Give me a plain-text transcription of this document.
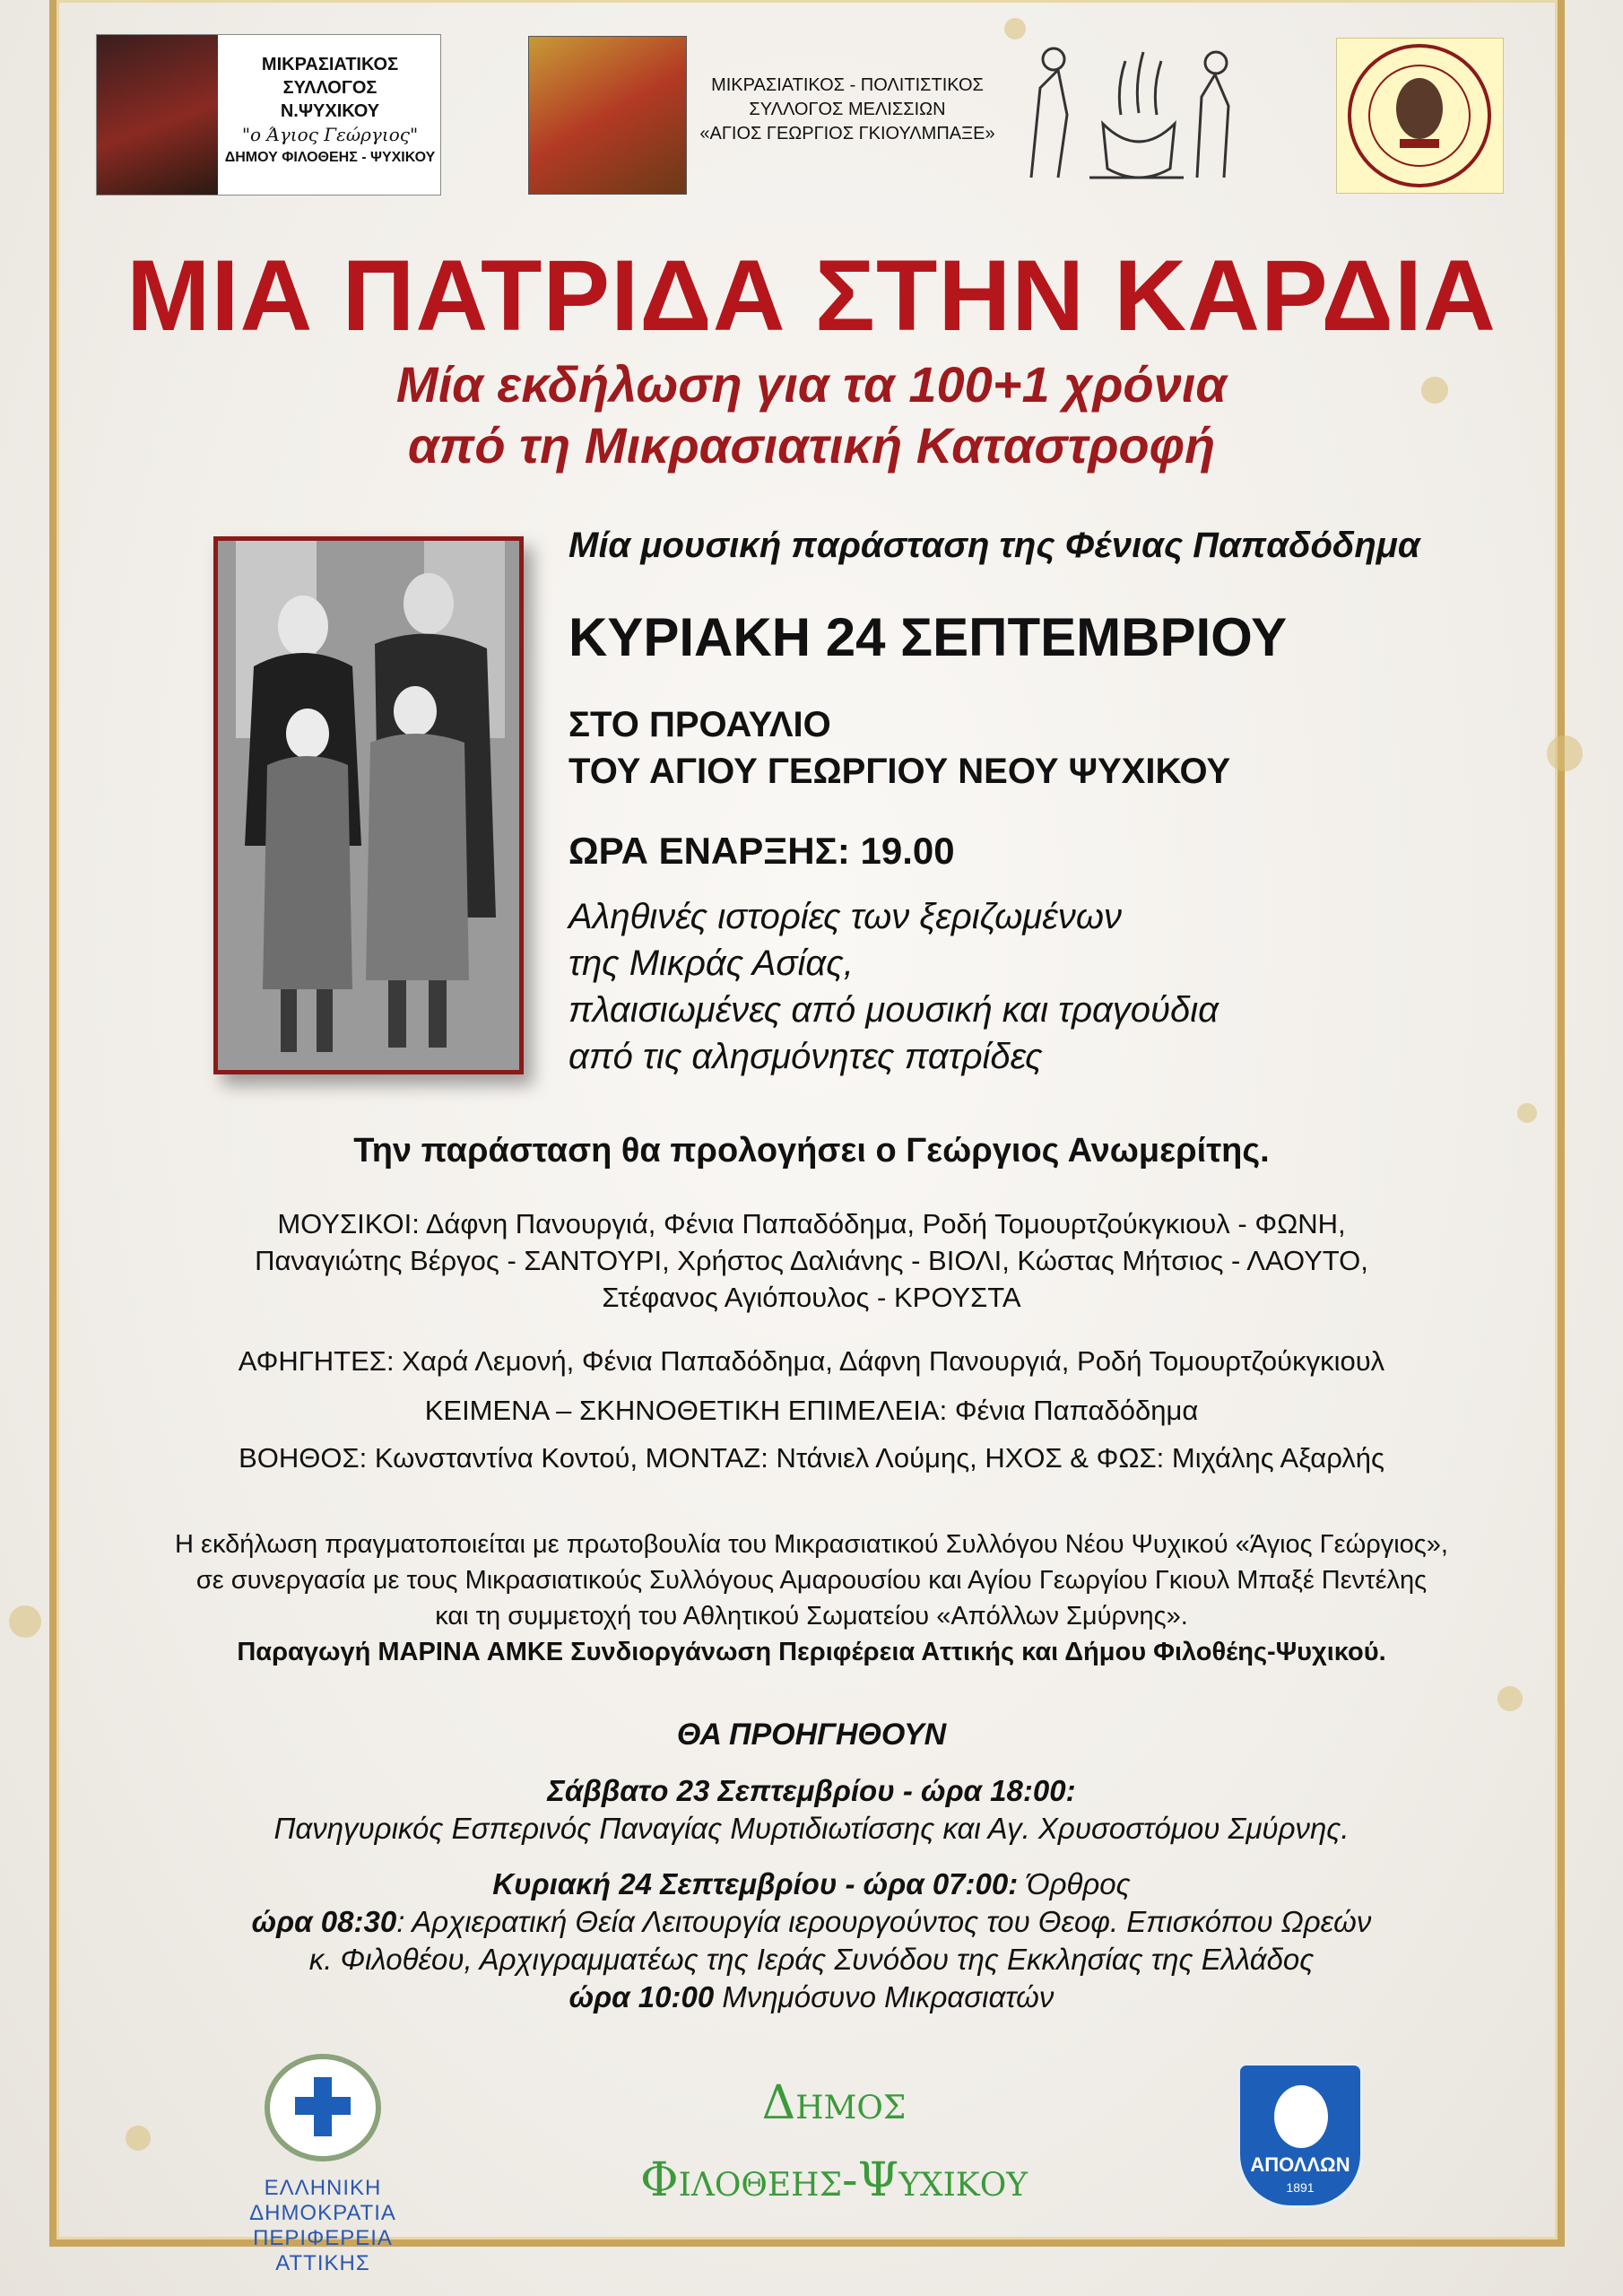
ΜΙΚΡΑΣΙΑΤΙΚΟΣ
ΣΥΛΛΟΓΟΣ
Ν.ΨΥΧΙΚΟΥ
"ο Άγιος Γεώργιος"
ΔΗΜΟΥ ΦΙΛΟΘΕΗΣ - ΨΥΧΙΚΟΥ
ΜΙΚΡΑΣΙΑΤΙΚΟΣ - ΠΟΛΙΤΙΣΤΙΚΟΣ
ΣΥΛΛΟΓΟΣ ΜΕΛΙΣΣΙΩΝ
«ΑΓΙΟΣ ΓΕΩΡΓΙΟΣ ΓΚΙΟΥΛΜΠΑΞΕ»
ΜΙΑ ΠΑΤΡΙΔΑ ΣΤΗΝ ΚΑΡΔΙΑ
Μία εκδήλωση για τα 100+1 χρόνια
από τη Μικρασιατική Καταστροφή
Μία μουσική παράσταση της Φένιας Παπαδόδημα
ΚΥΡΙΑΚΗ 24 ΣΕΠΤΕΜΒΡΙΟΥ
ΣΤΟ ΠΡΟΑΥΛΙΟ
ΤΟΥ ΑΓΙΟΥ ΓΕΩΡΓΙΟΥ ΝΕΟΥ ΨΥΧΙΚΟΥ
ΩΡΑ ΕΝΑΡΞΗΣ: 19.00
Αληθινές ιστορίες των ξεριζωμένων
της Μικράς Ασίας,
πλαισιωμένες από μουσική και τραγούδια
από τις αλησμόνητες πατρίδες
Την παράσταση θα προλογήσει ο Γεώργιος Ανωμερίτης.
ΜΟΥΣΙΚΟΙ: Δάφνη Πανουργιά, Φένια Παπαδόδημα, Ροδή Τομουρτζούκγκιουλ - ΦΩΝΗ,
Παναγιώτης Βέργος - ΣΑΝΤΟΥΡΙ, Χρήστος Δαλιάνης - ΒΙΟΛΙ, Κώστας Μήτσιος - ΛΑΟΥΤΟ,
Στέφανος Αγιόπουλος - ΚΡΟΥΣΤΑ
ΑΦΗΓΗΤΕΣ: Χαρά Λεμονή, Φένια Παπαδόδημα, Δάφνη Πανουργιά, Ροδή Τομουρτζούκγκιουλ
ΚΕΙΜΕΝΑ – ΣΚΗΝΟΘΕΤΙΚΗ ΕΠΙΜΕΛΕΙΑ: Φένια Παπαδόδημα
ΒΟΗΘΟΣ: Κωνσταντίνα Κοντού, ΜΟΝΤΑΖ: Ντάνιελ Λούμης, ΗΧΟΣ & ΦΩΣ: Μιχάλης Αξαρλής
Η εκδήλωση πραγματοποιείται με πρωτοβουλία του Μικρασιατικού Συλλόγου Νέου Ψυχικού «Άγιος Γεώργιος»,
σε συνεργασία με τους Μικρασιατικούς Συλλόγους Αμαρουσίου και Αγίου Γεωργίου Γκιουλ Μπαξέ Πεντέλης
και τη συμμετοχή του Αθλητικού Σωματείου «Απόλλων Σμύρνης».
Παραγωγή ΜΑΡΙΝΑ ΑΜΚΕ Συνδιοργάνωση Περιφέρεια Αττικής και Δήμου Φιλοθέης-Ψυχικού.
ΘΑ ΠΡΟΗΓΗΘΟΥΝ
Σάββατο 23 Σεπτεμβρίου - ώρα 18:00:
Πανηγυρικός Εσπερινός Παναγίας Μυρτιδιωτίσσης και Αγ. Χρυσοστόμου Σμύρνης.
Κυριακή 24 Σεπτεμβρίου - ώρα 07:00: Όρθρος
ώρα 08:30: Αρχιερατική Θεία Λειτουργία ιερουργούντος του Θεοφ. Επισκόπου Ωρεών
κ. Φιλοθέου, Αρχιγραμματέως της Ιεράς Συνόδου της Εκκλησίας της Ελλάδος
ώρα 10:00 Μνημόσυνο Μικρασιατών
ΕΛΛΗΝΙΚΗ ΔΗΜΟΚΡΑΤΙΑ
ΠΕΡΙΦΕΡΕΙΑ ΑΤΤΙΚΗΣ
Δημος
Φιλοθεης-Ψυχικου	ΑΠΟΛΛΩΝ
1891
